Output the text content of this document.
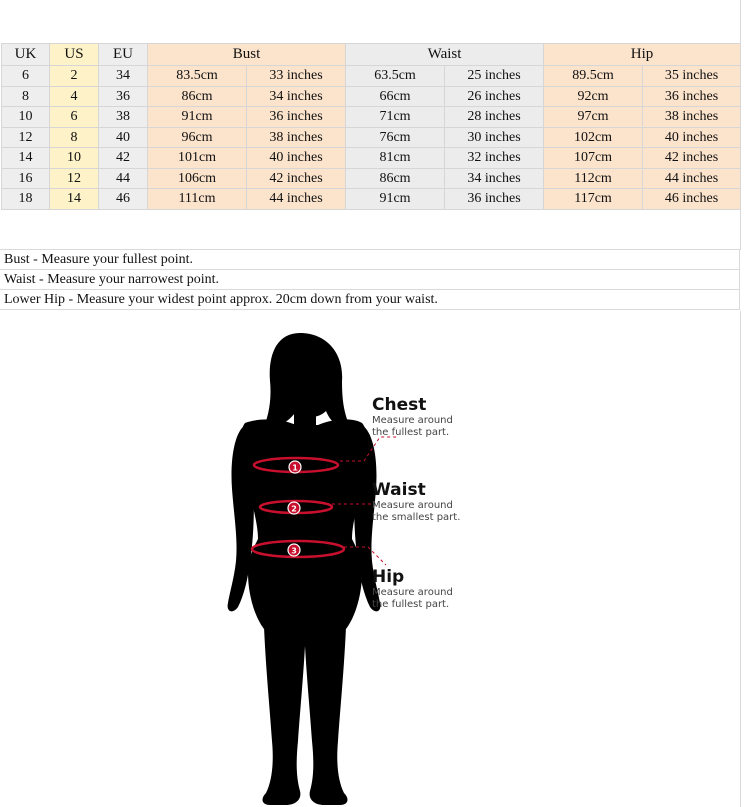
UK	US	EU	Bust		Waist		Hip	
6	2	34	83.5cm	33 inches	63.5cm	25 inches	89.5cm	35 inches
8	4	36	86cm	34 inches	66cm	26 inches	92cm	36 inches
10	6	38	91cm	36 inches	71cm	28 inches	97cm	38 inches
12	8	40	96cm	38 inches	76cm	30 inches	102cm	40 inches
14	10	42	101cm	40 inches	81cm	32 inches	107cm	42 inches
16	12	44	106cm	42 inches	86cm	34 inches	112cm	44 inches
18	14	46	111cm	44 inches	91cm	36 inches	117cm	46 inches
Bust - Measure your fullest point.
Waist - Measure your narrowest point.
Lower Hip - Measure your widest point approx. 20cm down from your waist.
1
2
3
Chest
Measure around
the fullest part.
Waist
Measure around
the smallest part.
Hip
Measure around
the fullest part.
